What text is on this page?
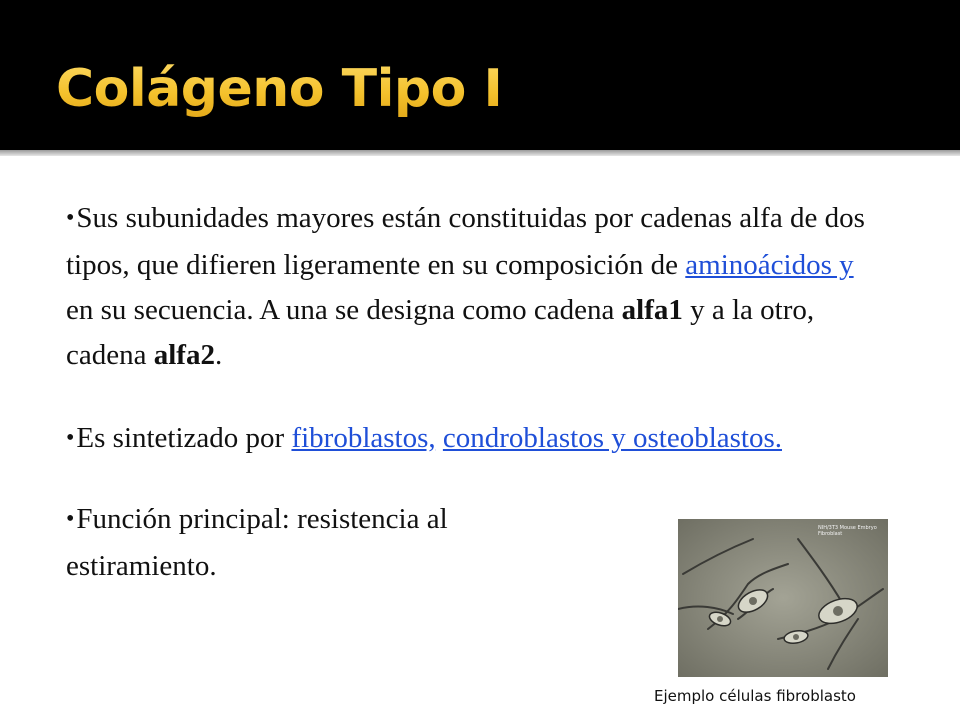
Colágeno Tipo I

•Sus subunidades mayores están constituidas por cadenas alfa de dos tipos, que difieren ligeramente en su composición de aminoácidos y en su secuencia. A una se designa como cadena alfa1 y a la otro, cadena alfa2.

•Es sintetizado por fibroblastos, condroblastos y osteoblastos.

•Función principal: resistencia al estiramiento.

NIH/3T3 Mouse Embryo Fibroblast
Ejemplo células fibroblasto
